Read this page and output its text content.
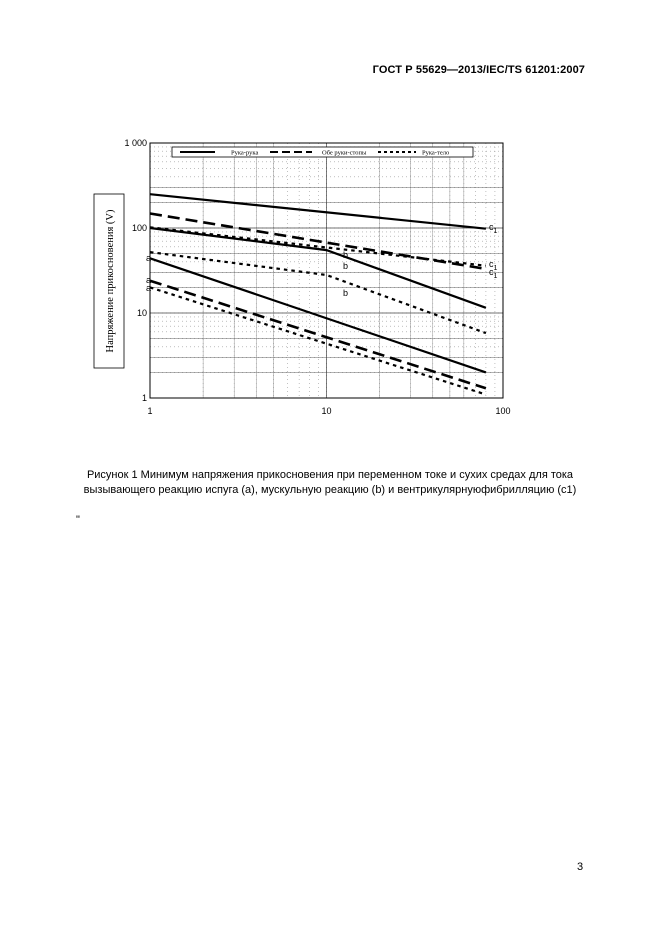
ГОСТ Р 55629—2013/IEC/TS 61201:2007
$c_1$
$c_1$
$c_1$
b
b
b
a
a
a
1	10	100
1 000
100
10
1
Рука-рука	Обе руки-стопы	Рука-тело
Напряжение прикосновения (V)
Рисунок 1 Минимум напряжения прикосновения при переменном токе и сухих средах для тока
вызывающего реакцию испуга (a), мускульную реакцию (b) и вентрикулярнуюфибрилляцию (c1)
"
3
